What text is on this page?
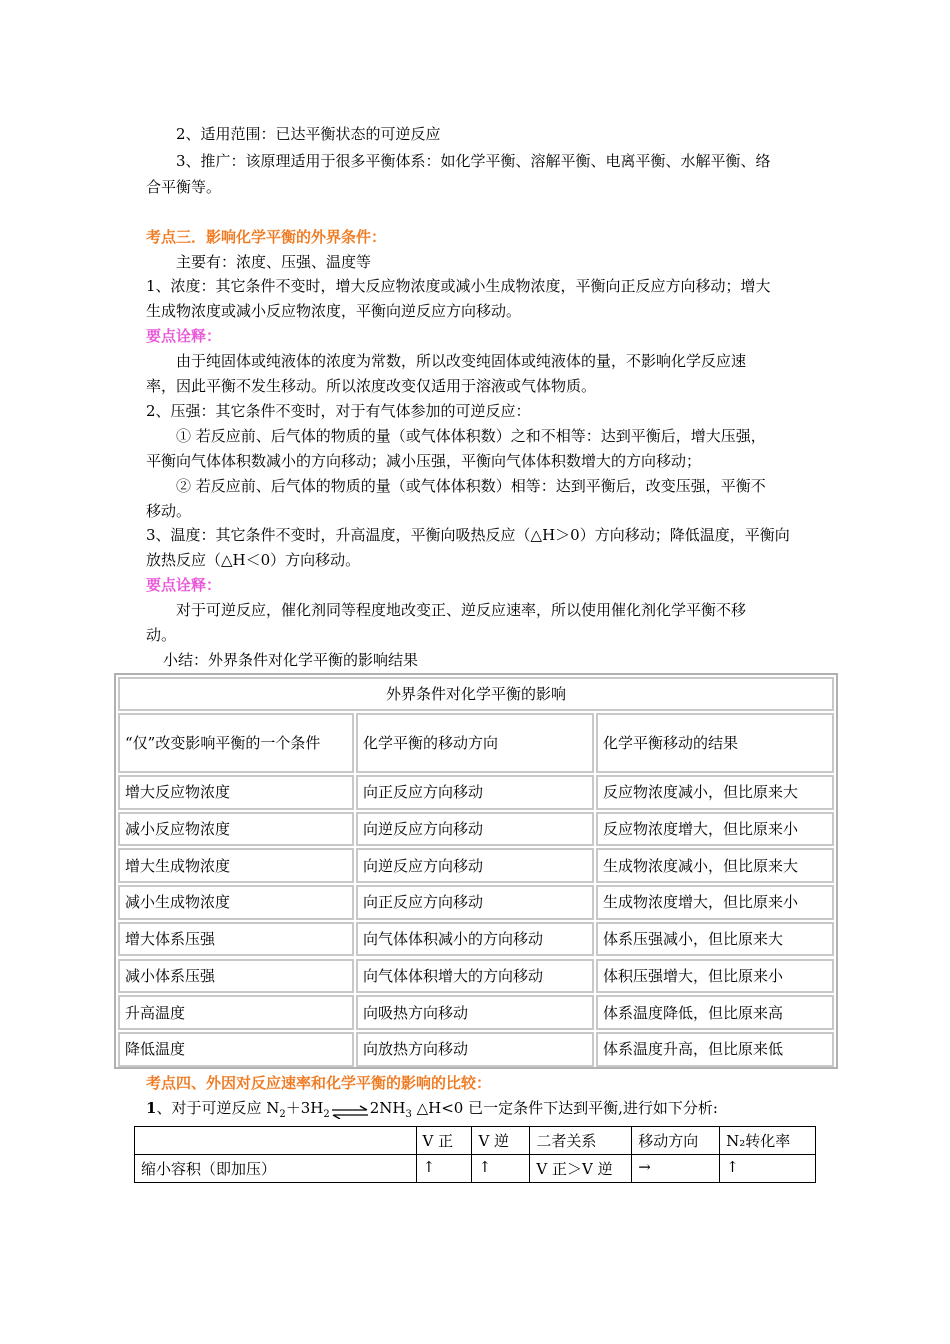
2、适用范围：已达平衡状态的可逆反应
3、推广：该原理适用于很多平衡体系：如化学平衡、溶解平衡、电离平衡、水解平衡、络
合平衡等。
考点三．影响化学平衡的外界条件：
主要有：浓度、压强、温度等
1、浓度：其它条件不变时，增大反应物浓度或减小生成物浓度，平衡向正反应方向移动；增大
生成物浓度或减小反应物浓度，平衡向逆反应方向移动。
要点诠释：
由于纯固体或纯液体的浓度为常数，所以改变纯固体或纯液体的量，不影响化学反应速
率，因此平衡不发生移动。所以浓度改变仅适用于溶液或气体物质。
2、压强：其它条件不变时，对于有气体参加的可逆反应：
① 若反应前、后气体的物质的量（或气体体积数）之和不相等：达到平衡后，增大压强，
平衡向气体体积数减小的方向移动；减小压强，平衡向气体体积数增大的方向移动；
② 若反应前、后气体的物质的量（或气体体积数）相等：达到平衡后，改变压强，平衡不
移动。
3、温度：其它条件不变时，升高温度，平衡向吸热反应（△H＞0）方向移动；降低温度，平衡向
放热反应（△H＜0）方向移动。
要点诠释：
对于可逆反应，催化剂同等程度地改变正、逆反应速率，所以使用催化剂化学平衡不移
动。
小结：外界条件对化学平衡的影响结果
外界条件对化学平衡的影响
“仅”改变影响平衡的一个条件	化学平衡的移动方向	化学平衡移动的结果
增大反应物浓度	向正反应方向移动	反应物浓度减小，但比原来大
减小反应物浓度	向逆反应方向移动	反应物浓度增大，但比原来小
增大生成物浓度	向逆反应方向移动	生成物浓度减小，但比原来大
减小生成物浓度	向正反应方向移动	生成物浓度增大，但比原来小
增大体系压强	向气体体积减小的方向移动	体系压强减小，但比原来大
减小体系压强	向气体体积增大的方向移动	体积压强增大，但比原来小
升高温度	向吸热方向移动	体系温度降低，但比原来高
降低温度	向放热方向移动	体系温度升高，但比原来低
考点四、外因对反应速率和化学平衡的影响的比较：
1、对于可逆反应 $N_2+3H_2\rightleftharpoons 2NH_3$ △H<0 已一定条件下达到平衡,进行如下分析:
	V 正	V 逆	二者关系	移动方向	N₂转化率
缩小容积（即加压）	↑	↑	V 正＞V 逆	→	↑
